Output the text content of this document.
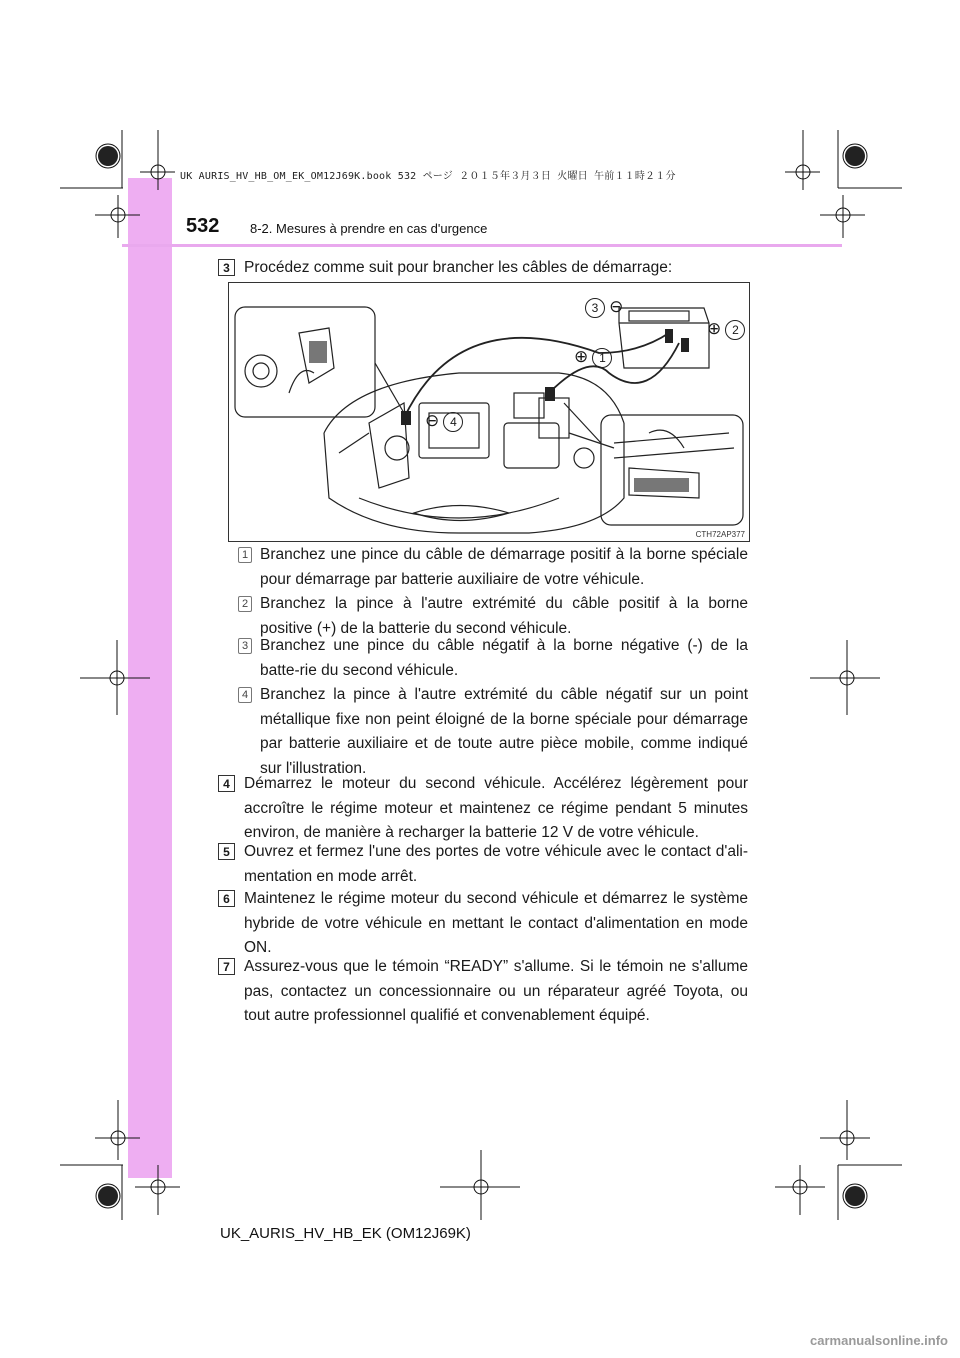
UK AURIS_HV_HB_OM_EK_OM12J69K.book 532 ページ ２０１５年３月３日 火曜日 午前１１時２１分
532 8-2. Mesures à prendre en cas d'urgence
3 Procédez comme suit pour brancher les câbles de démarrage:
3 ⊖
⊕ 2
⊕ 1
⊖ 4
CTH72AP377
1 Branchez une pince du câble de démarrage positif à la borne spéciale pour démarrage par batterie auxiliaire de votre véhicule.
2 Branchez la pince à l'autre extrémité du câble positif à la borne positive (+) de la batterie du second véhicule.
3 Branchez une pince du câble négatif à la borne négative (-) de la batte-rie du second véhicule.
4 Branchez la pince à l'autre extrémité du câble négatif sur un point métallique fixe non peint éloigné de la borne spéciale pour démarrage par batterie auxiliaire et de toute autre pièce mobile, comme indiqué sur l'illustration.
4 Démarrez le moteur du second véhicule. Accélérez légèrement pour accroître le régime moteur et maintenez ce régime pendant 5 minutes environ, de manière à recharger la batterie 12 V de votre véhicule.
5 Ouvrez et fermez l'une des portes de votre véhicule avec le contact d'ali-mentation en mode arrêt.
6 Maintenez le régime moteur du second véhicule et démarrez le système hybride de votre véhicule en mettant le contact d'alimentation en mode ON.
7 Assurez-vous que le témoin “READY” s'allume. Si le témoin ne s'allume pas, contactez un concessionnaire ou un réparateur agréé Toyota, ou tout autre professionnel qualifié et convenablement équipé.
UK_AURIS_HV_HB_EK (OM12J69K)
carmanualsonline.info
